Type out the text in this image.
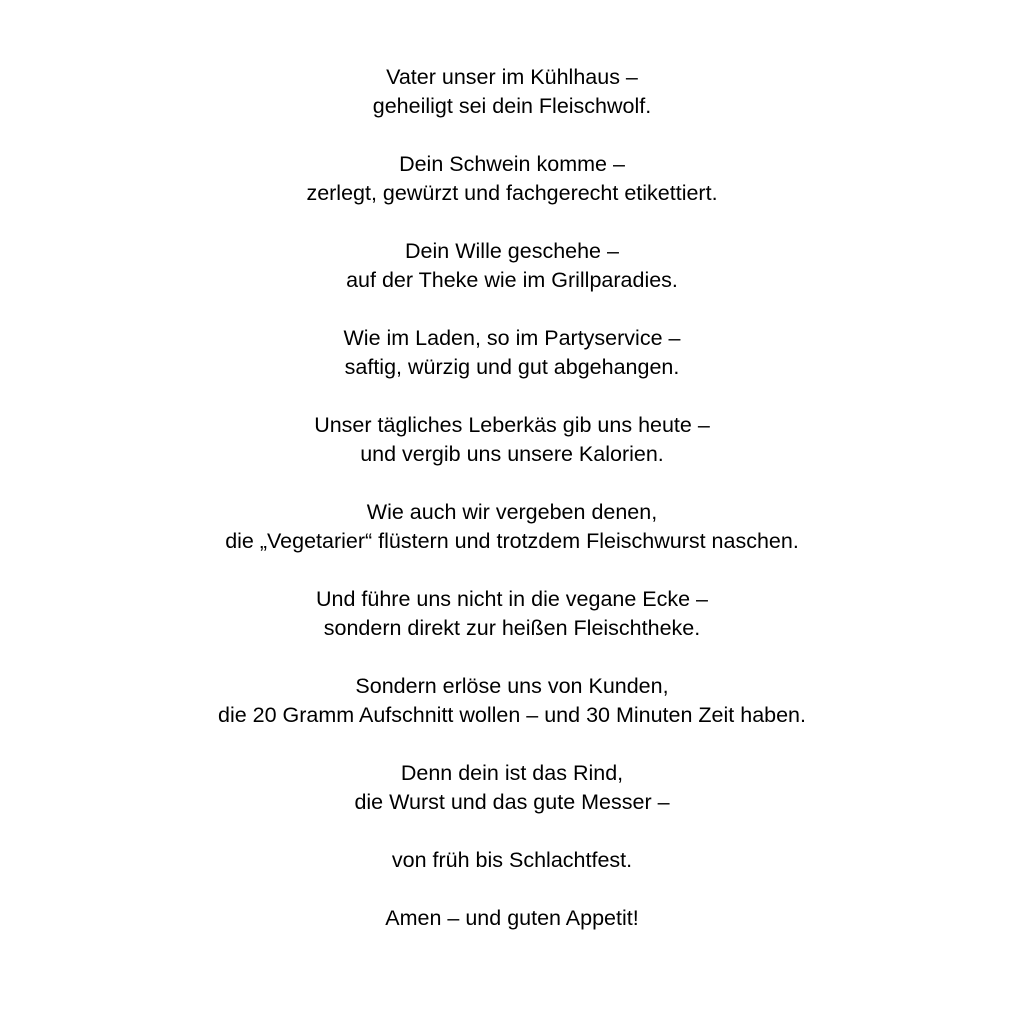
Vater unser im Kühlhaus –
geheiligt sei dein Fleischwolf.
Dein Schwein komme –
zerlegt, gewürzt und fachgerecht etikettiert.
Dein Wille geschehe –
auf der Theke wie im Grillparadies.
Wie im Laden, so im Partyservice –
saftig, würzig und gut abgehangen.
Unser tägliches Leberkäs gib uns heute –
und vergib uns unsere Kalorien.
Wie auch wir vergeben denen,
die „Vegetarier“ flüstern und trotzdem Fleischwurst naschen.
Und führe uns nicht in die vegane Ecke –
sondern direkt zur heißen Fleischtheke.
Sondern erlöse uns von Kunden,
die 20 Gramm Aufschnitt wollen – und 30 Minuten Zeit haben.
Denn dein ist das Rind,
die Wurst und das gute Messer –
von früh bis Schlachtfest.
Amen – und guten Appetit!
